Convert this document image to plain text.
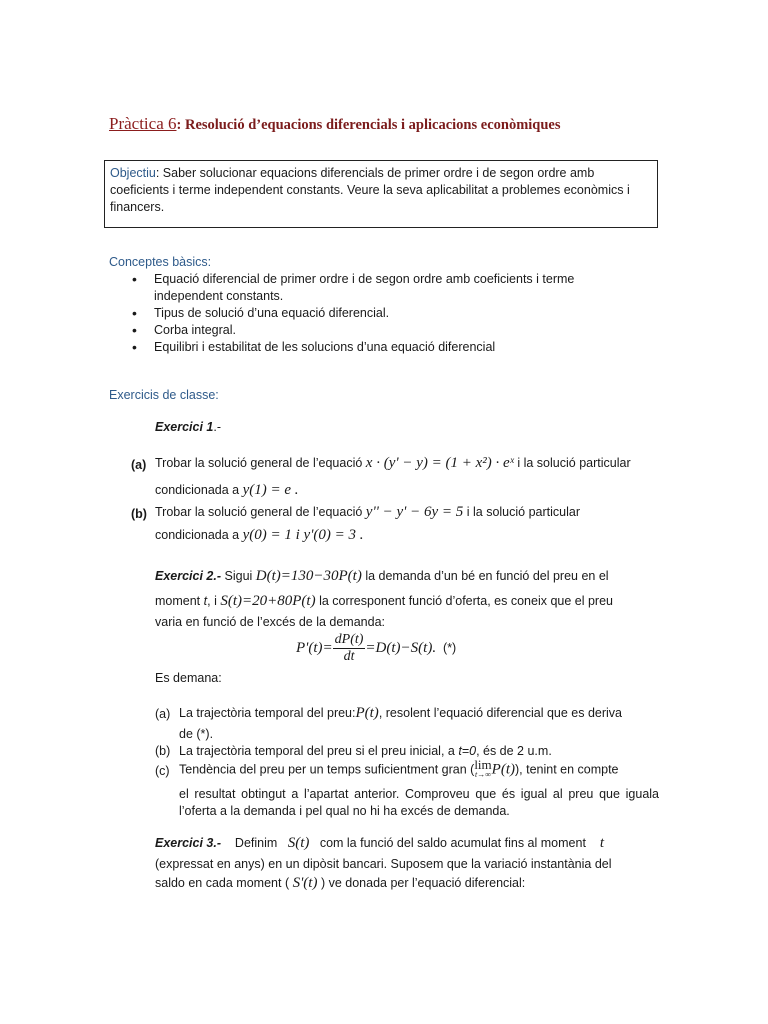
Pràctica 6: Resolució d’equacions diferencials i aplicacions econòmiques
Objectiu: Saber solucionar equacions diferencials de primer ordre i de segon ordre amb coeficients i terme independent constants. Veure la seva aplicabilitat a problemes econòmics i financers.
Conceptes bàsics:
• Equació diferencial de primer ordre i de segon ordre amb coeficients i terme independent constants.
• Tipus de solució d’una equació diferencial.
• Corba integral.
• Equilibri i estabilitat de les solucions d’una equació diferencial
Exercicis de classe:
Exercici 1.-
(a) Trobar la solució general de l’equació x · (y' − y) = (1 + x²) · eˣ i la solució particular
condicionada a y(1) = e .
(b) Trobar la solució general de l’equació y'' − y' − 6y = 5 i la solució particular
condicionada a y(0) = 1 i y'(0) = 3 .
Exercici 2.- Sigui D(t)=130−30P(t) la demanda d’un bé en funció del preu en el
moment t, i S(t)=20+80P(t) la corresponent funció d’oferta, es coneix que el preu
varia en funció de l’excés de la demanda:
$P'(t)= \frac{dP(t)}{dt} =D(t)-S(t)$. (*)
Es demana:
(a) La trajectòria temporal del preu:P(t), resolent l’equació diferencial que es deriva
de (*).
(b) La trajectòria temporal del preu si el preu inicial, a t=0, és de 2 u.m.
(c) Tendència del preu per un temps suficientment gran ( lim
t→∞ P(t)), tenint en compte
el resultat obtingut a l’apartat anterior. Comproveu que és igual al preu que iguala l’oferta a la demanda i pel qual no hi ha excés de demanda.
Exercici 3.- Definim S(t) com la funció del saldo acumulat fins al moment t
(expressat en anys) en un dipòsit bancari. Suposem que la variació instantània del
saldo en cada moment ( S'(t) ) ve donada per l’equació diferencial:
